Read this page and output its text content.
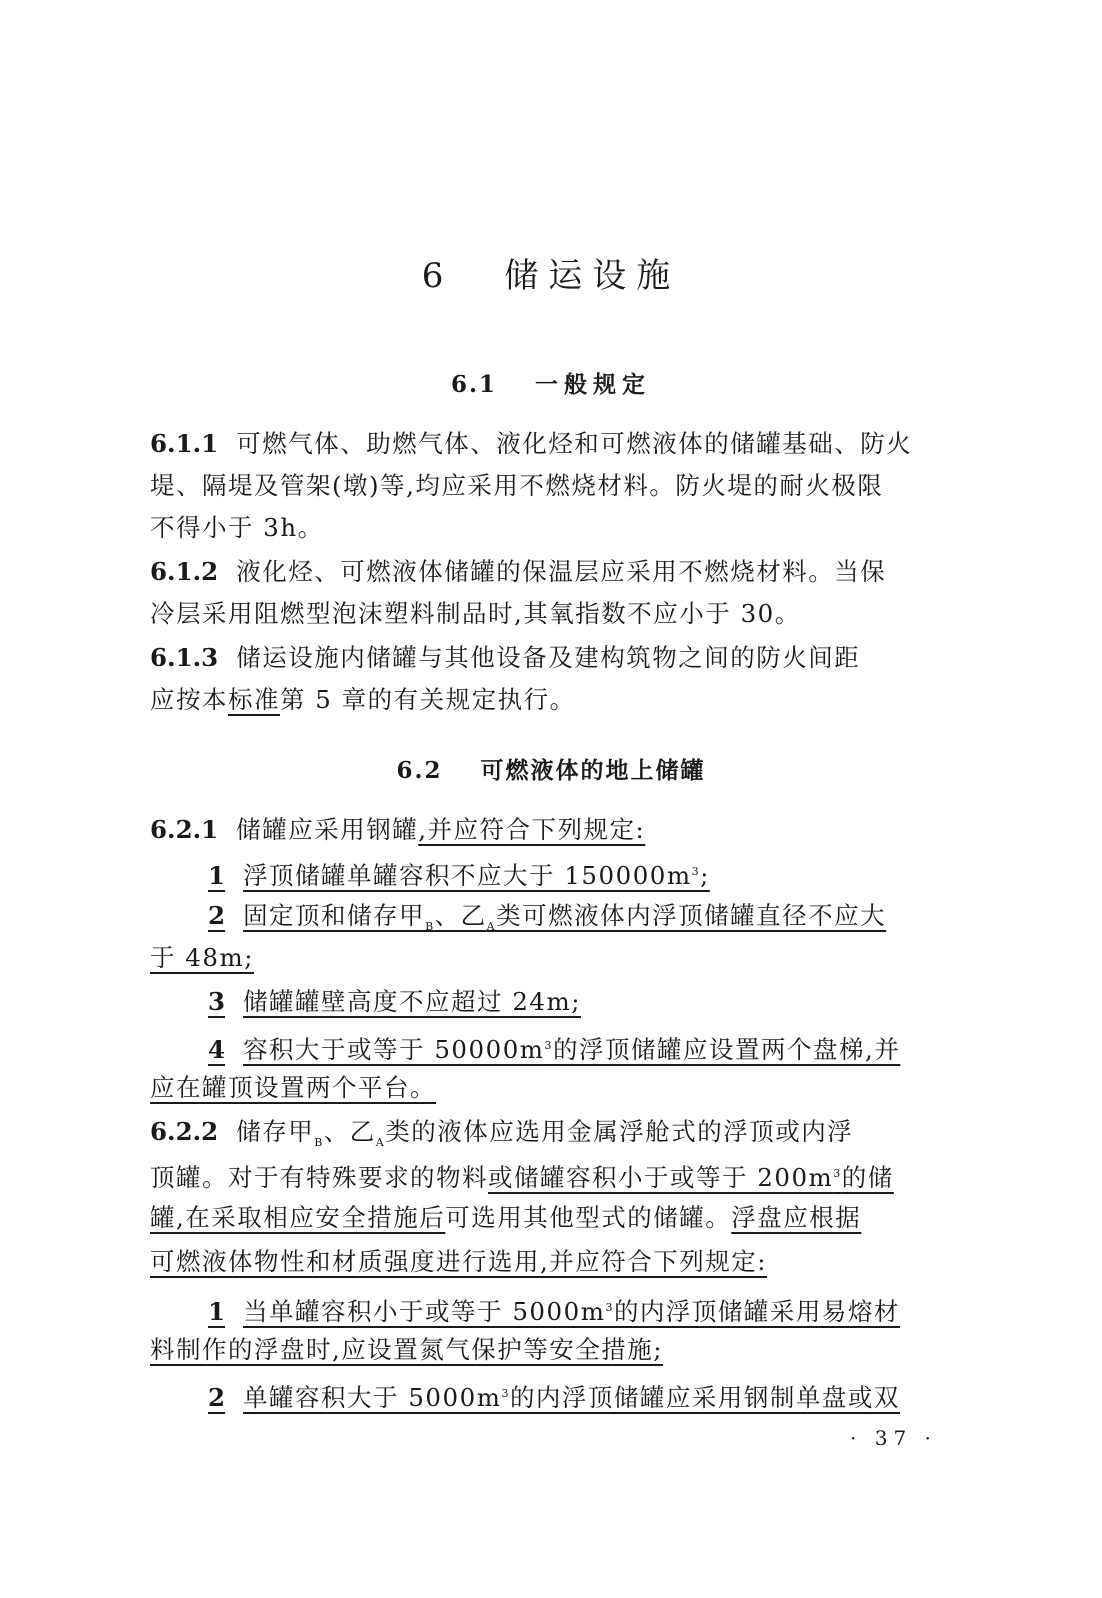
6 储运设施
6.1 一般规定
6.1.1 可燃气体、助燃气体、液化烃和可燃液体的储罐基础、防火
堤、隔堤及管架(墩)等,均应采用不燃烧材料。防火堤的耐火极限
不得小于 3h。
6.1.2 液化烃、可燃液体储罐的保温层应采用不燃烧材料。当保
冷层采用阻燃型泡沫塑料制品时,其氧指数不应小于 30。
6.1.3 储运设施内储罐与其他设备及建构筑物之间的防火间距
应按本标准第 5 章的有关规定执行。
6.2 可燃液体的地上储罐
6.2.1 储罐应采用钢罐,并应符合下列规定:
1 浮顶储罐单罐容积不应大于 $150000m^3$;
2 固定顶和储存甲$_B$、乙$_A$类可燃液体内浮顶储罐直径不应大
于 48m;
3 储罐罐壁高度不应超过 24m;
4 容积大于或等于 $50000m^3$的浮顶储罐应设置两个盘梯,并
应在罐顶设置两个平台。
6.2.2 储存甲$_B$、乙$_A$类的液体应选用金属浮舱式的浮顶或内浮
顶罐。对于有特殊要求的物料或储罐容积小于或等于 $200m^3$的储
罐,在采取相应安全措施后可选用其他型式的储罐。浮盘应根据
可燃液体物性和材质强度进行选用,并应符合下列规定:
1 当单罐容积小于或等于 $5000m^3$的内浮顶储罐采用易熔材
料制作的浮盘时,应设置氮气保护等安全措施;
2 单罐容积大于 $5000m^3$的内浮顶储罐应采用钢制单盘或双
· 37 ·
